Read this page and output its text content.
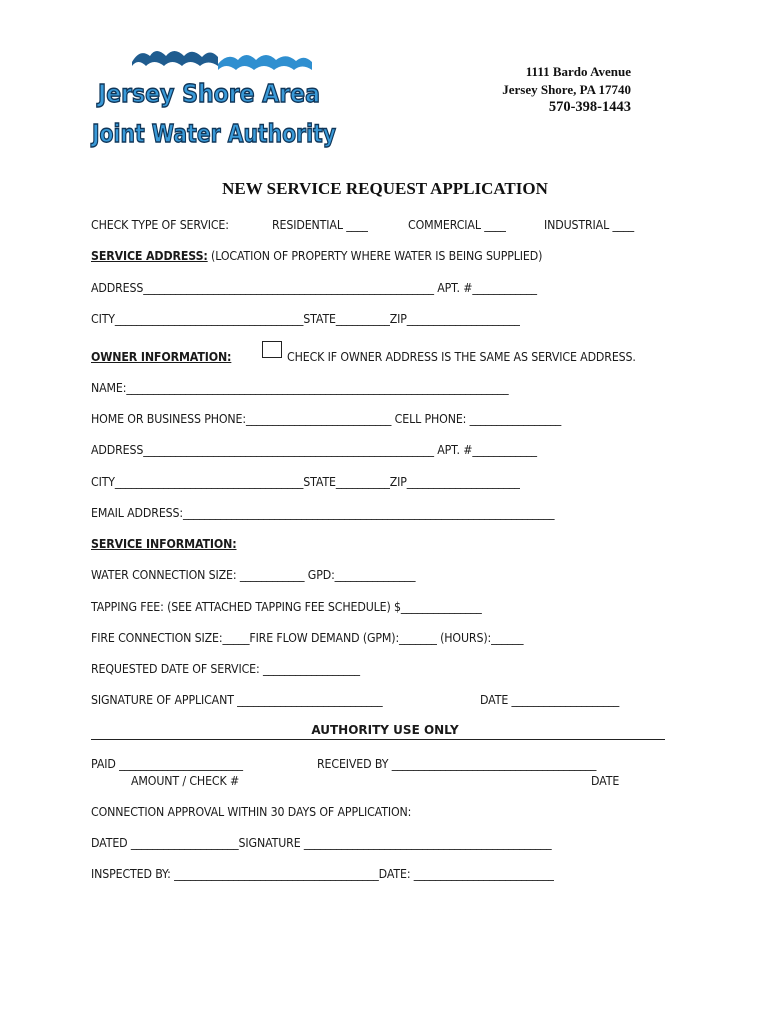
Jersey Shore Area
Joint Water Authority
1111 Bardo Avenue
Jersey Shore, PA 17740
570-398-1443
NEW SERVICE REQUEST APPLICATION
CHECK TYPE OF SERVICE:	RESIDENTIAL ____	COMMERCIAL ____	INDUSTRIAL ____
SERVICE ADDRESS: (LOCATION OF PROPERTY WHERE WATER IS BEING SUPPLIED)
ADDRESS______________________________________________________ APT. #____________
CITY___________________________________STATE__________ZIP_____________________
OWNER INFORMATION:	CHECK IF OWNER ADDRESS IS THE SAME AS SERVICE ADDRESS.
NAME:_______________________________________________________________________
HOME OR BUSINESS PHONE:___________________________ CELL PHONE: _________________
ADDRESS______________________________________________________ APT. #____________
CITY___________________________________STATE__________ZIP_____________________
EMAIL ADDRESS:_____________________________________________________________________
SERVICE INFORMATION:
WATER CONNECTION SIZE: ____________ GPD:_______________
TAPPING FEE: (SEE ATTACHED TAPPING FEE SCHEDULE) $_______________
FIRE CONNECTION SIZE:_____FIRE FLOW DEMAND (GPM):_______ (HOURS):______
REQUESTED DATE OF SERVICE: __________________
SIGNATURE OF APPLICANT ___________________________	DATE ____________________
AUTHORITY USE ONLY
PAID _______________________	RECEIVED BY ______________________________________
AMOUNT / CHECK #	DATE
CONNECTION APPROVAL WITHIN 30 DAYS OF APPLICATION:
DATED ____________________SIGNATURE ______________________________________________
INSPECTED BY: ______________________________________DATE: __________________________
